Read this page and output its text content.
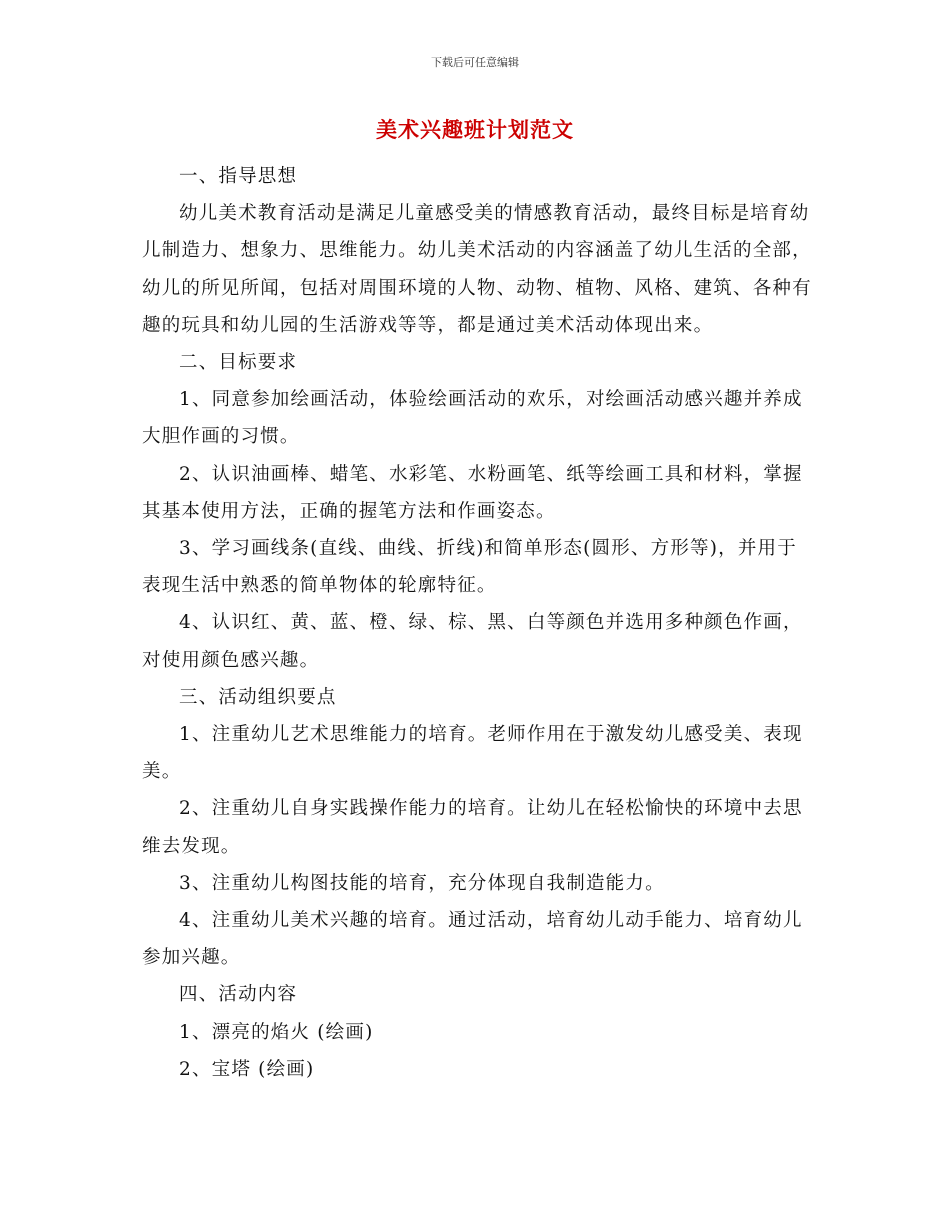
下载后可任意编辑
美术兴趣班计划范文

一、指导思想

幼儿美术教育活动是满足儿童感受美的情感教育活动，最终目标是培育幼儿制造力、想象力、思维能力。幼儿美术活动的内容涵盖了幼儿生活的全部，幼儿的所见所闻，包括对周围环境的人物、动物、植物、风格、建筑、各种有趣的玩具和幼儿园的生活游戏等等，都是通过美术活动体现出来。

二、目标要求

1、同意参加绘画活动，体验绘画活动的欢乐，对绘画活动感兴趣并养成大胆作画的习惯。

2、认识油画棒、蜡笔、水彩笔、水粉画笔、纸等绘画工具和材料，掌握其基本使用方法，正确的握笔方法和作画姿态。

3、学习画线条(直线、曲线、折线)和简单形态(圆形、方形等)，并用于表现生活中熟悉的简单物体的轮廓特征。

4、认识红、黄、蓝、橙、绿、棕、黑、白等颜色并选用多种颜色作画，对使用颜色感兴趣。

三、活动组织要点

1、注重幼儿艺术思维能力的培育。老师作用在于激发幼儿感受美、表现美。

2、注重幼儿自身实践操作能力的培育。让幼儿在轻松愉快的环境中去思维去发现。

3、注重幼儿构图技能的培育，充分体现自我制造能力。

4、注重幼儿美术兴趣的培育。通过活动，培育幼儿动手能力、培育幼儿参加兴趣。

四、活动内容

1、漂亮的焰火 (绘画)

2、宝塔 (绘画)
